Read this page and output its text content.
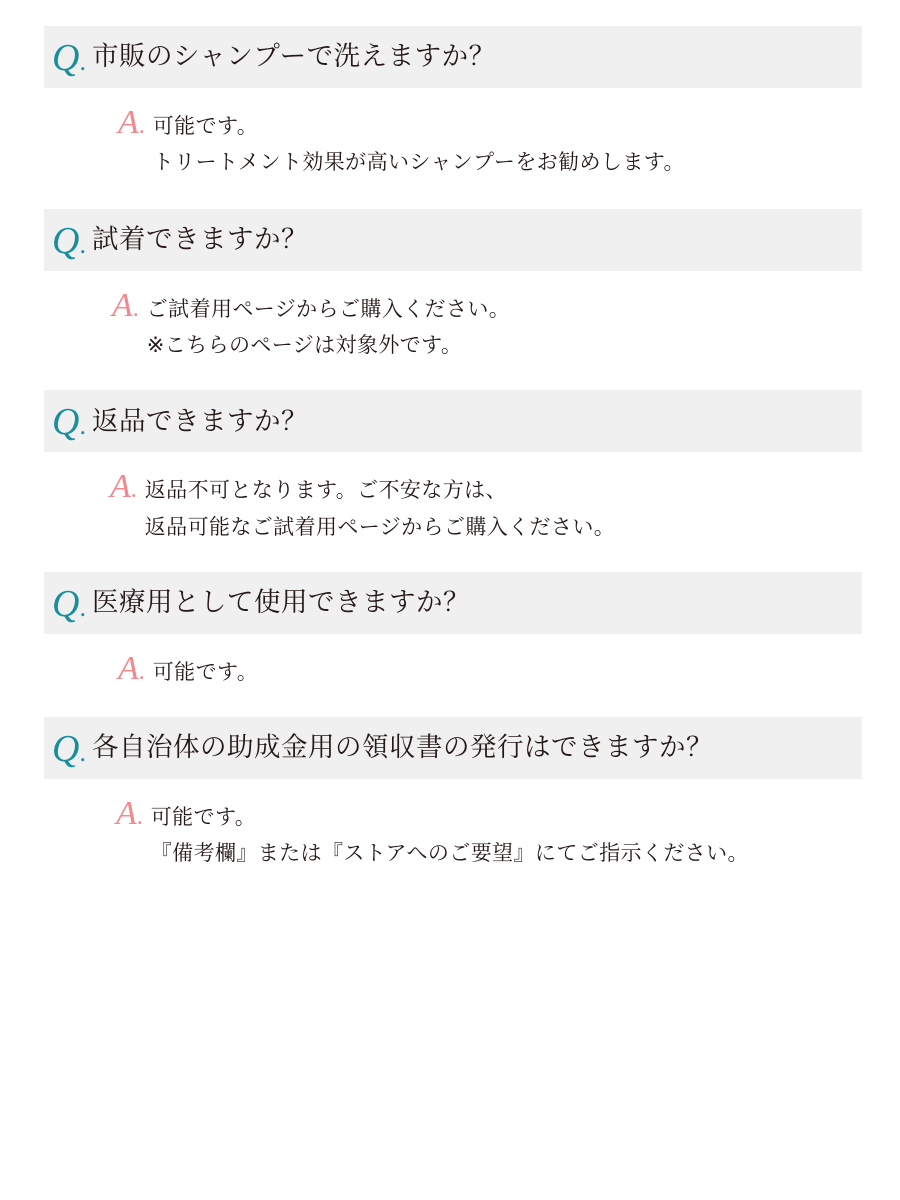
Q. 市販のシャンプーで洗えますか？
A. 可能です。
トリートメント効果が高いシャンプーをお勧めします。
Q. 試着できますか？
A. ご試着用ページからご購入ください。
※こちらのページは対象外です。
Q. 返品できますか？
A. 返品不可となります。ご不安な方は、
返品可能なご試着用ページからご購入ください。
Q. 医療用として使用できますか？
A. 可能です。
Q. 各自治体の助成金用の領収書の発行はできますか？
A. 可能です。
『備考欄』または『ストアへのご要望』にてご指示ください。
